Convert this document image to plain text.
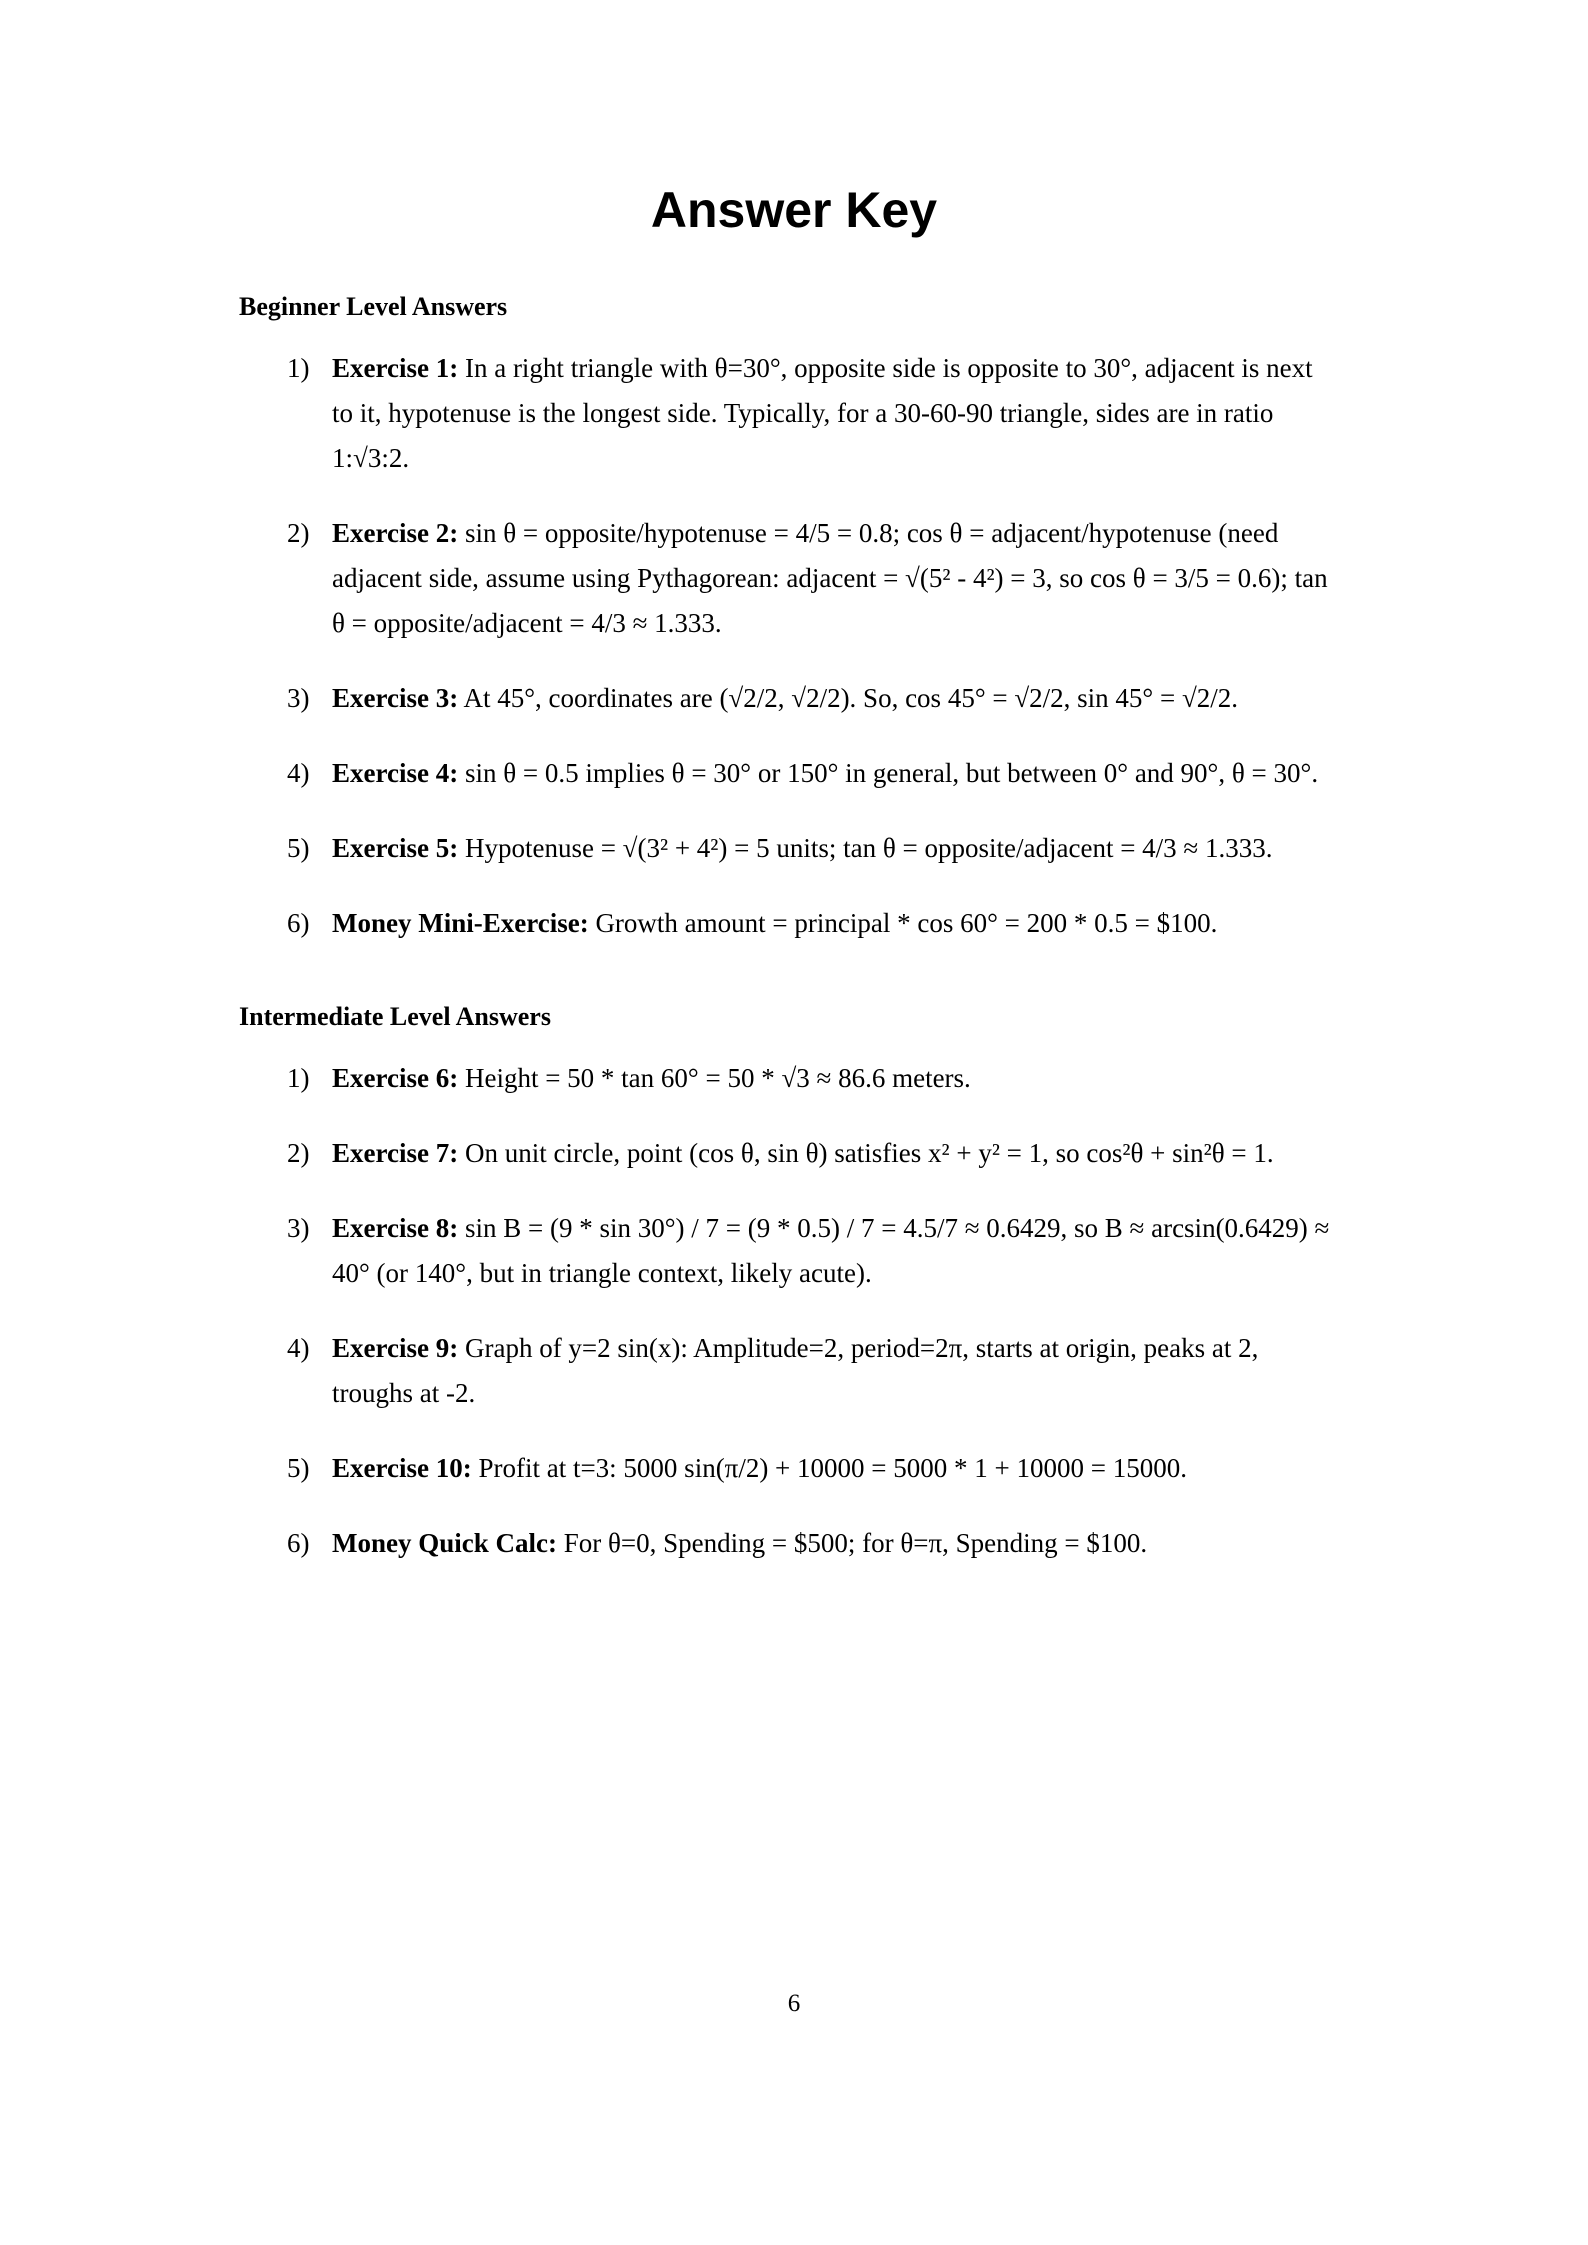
Answer Key
Beginner Level Answers
1) Exercise 1: In a right triangle with θ=30°, opposite side is opposite to 30°, adjacent is next to it, hypotenuse is the longest side. Typically, for a 30-60-90 triangle, sides are in ratio 1:√3:2.
2) Exercise 2: sin θ = opposite/hypotenuse = 4/5 = 0.8; cos θ = adjacent/hypotenuse (need adjacent side, assume using Pythagorean: adjacent = √(5² - 4²) = 3, so cos θ = 3/5 = 0.6); tan θ = opposite/adjacent = 4/3 ≈ 1.333.
3) Exercise 3: At 45°, coordinates are (√2/2, √2/2). So, cos 45° = √2/2, sin 45° = √2/2.
4) Exercise 4: sin θ = 0.5 implies θ = 30° or 150° in general, but between 0° and 90°, θ = 30°.
5) Exercise 5: Hypotenuse = √(3² + 4²) = 5 units; tan θ = opposite/adjacent = 4/3 ≈ 1.333.
6) Money Mini-Exercise: Growth amount = principal * cos 60° = 200 * 0.5 = $100.
Intermediate Level Answers
1) Exercise 6: Height = 50 * tan 60° = 50 * √3 ≈ 86.6 meters.
2) Exercise 7: On unit circle, point (cos θ, sin θ) satisfies x² + y² = 1, so cos²θ + sin²θ = 1.
3) Exercise 8: sin B = (9 * sin 30°) / 7 = (9 * 0.5) / 7 = 4.5/7 ≈ 0.6429, so B ≈ arcsin(0.6429) ≈ 40° (or 140°, but in triangle context, likely acute).
4) Exercise 9: Graph of y=2 sin(x): Amplitude=2, period=2π, starts at origin, peaks at 2, troughs at -2.
5) Exercise 10: Profit at t=3: 5000 sin(π/2) + 10000 = 5000 * 1 + 10000 = 15000.
6) Money Quick Calc: For θ=0, Spending = $500; for θ=π, Spending = $100.
6
